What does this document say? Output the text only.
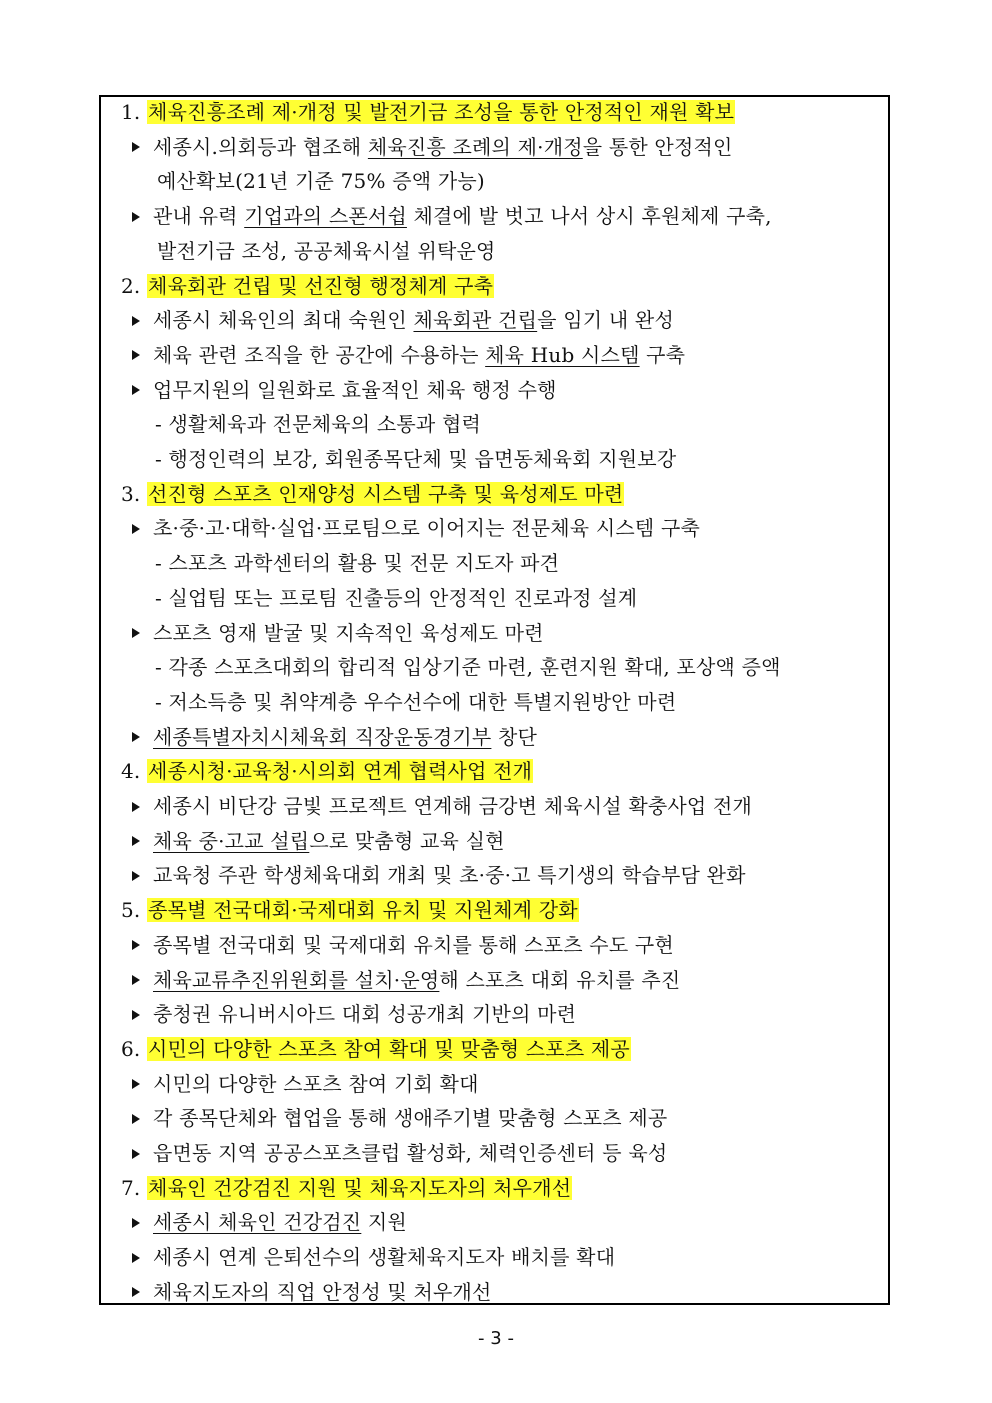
1. 체육진흥조례 제·개정 및 발전기금 조성을 통한 안정적인 재원 확보
세종시.의회등과 협조해 체육진흥 조례의 제·개정을 통한 안정적인
예산확보(21년 기준 75% 증액 가능)
관내 유력 기업과의 스폰서쉽 체결에 발 벗고 나서 상시 후원체제 구축,
발전기금 조성, 공공체육시설 위탁운영
2. 체육회관 건립 및 선진형 행정체계 구축
세종시 체육인의 최대 숙원인 체육회관 건립을 임기 내 완성
체육 관련 조직을 한 공간에 수용하는 체육 Hub 시스템 구축
업무지원의 일원화로 효율적인 체육 행정 수행
- 생활체육과 전문체육의 소통과 협력
- 행정인력의 보강, 회원종목단체 및 읍면동체육회 지원보강
3. 선진형 스포츠 인재양성 시스템 구축 및 육성제도 마련
초·중·고·대학·실업·프로팀으로 이어지는 전문체육 시스템 구축
- 스포츠 과학센터의 활용 및 전문 지도자 파견
- 실업팀 또는 프로팀 진출등의 안정적인 진로과정 설계
스포츠 영재 발굴 및 지속적인 육성제도 마련
- 각종 스포츠대회의 합리적 입상기준 마련, 훈련지원 확대, 포상액 증액
- 저소득층 및 취약계층 우수선수에 대한 특별지원방안 마련
세종특별자치시체육회 직장운동경기부 창단
4. 세종시청·교육청·시의회 연계 협력사업 전개
세종시 비단강 금빛 프로젝트 연계해 금강변 체육시설 확충사업 전개
체육 중·고교 설립으로 맞춤형 교육 실현
교육청 주관 학생체육대회 개최 및 초·중·고 특기생의 학습부담 완화
5. 종목별 전국대회·국제대회 유치 및 지원체계 강화
종목별 전국대회 및 국제대회 유치를 통해 스포츠 수도 구현
체육교류추진위원회를 설치·운영해 스포츠 대회 유치를 추진
충청권 유니버시아드 대회 성공개최 기반의 마련
6. 시민의 다양한 스포츠 참여 확대 및 맞춤형 스포츠 제공
시민의 다양한 스포츠 참여 기회 확대
각 종목단체와 협업을 통해 생애주기별 맞춤형 스포츠 제공
읍면동 지역 공공스포츠클럽 활성화, 체력인증센터 등 육성
7. 체육인 건강검진 지원 및 체육지도자의 처우개선
세종시 체육인 건강검진 지원
세종시 연계 은퇴선수의 생활체육지도자 배치를 확대
체육지도자의 직업 안정성 및 처우개선
- 3 -
